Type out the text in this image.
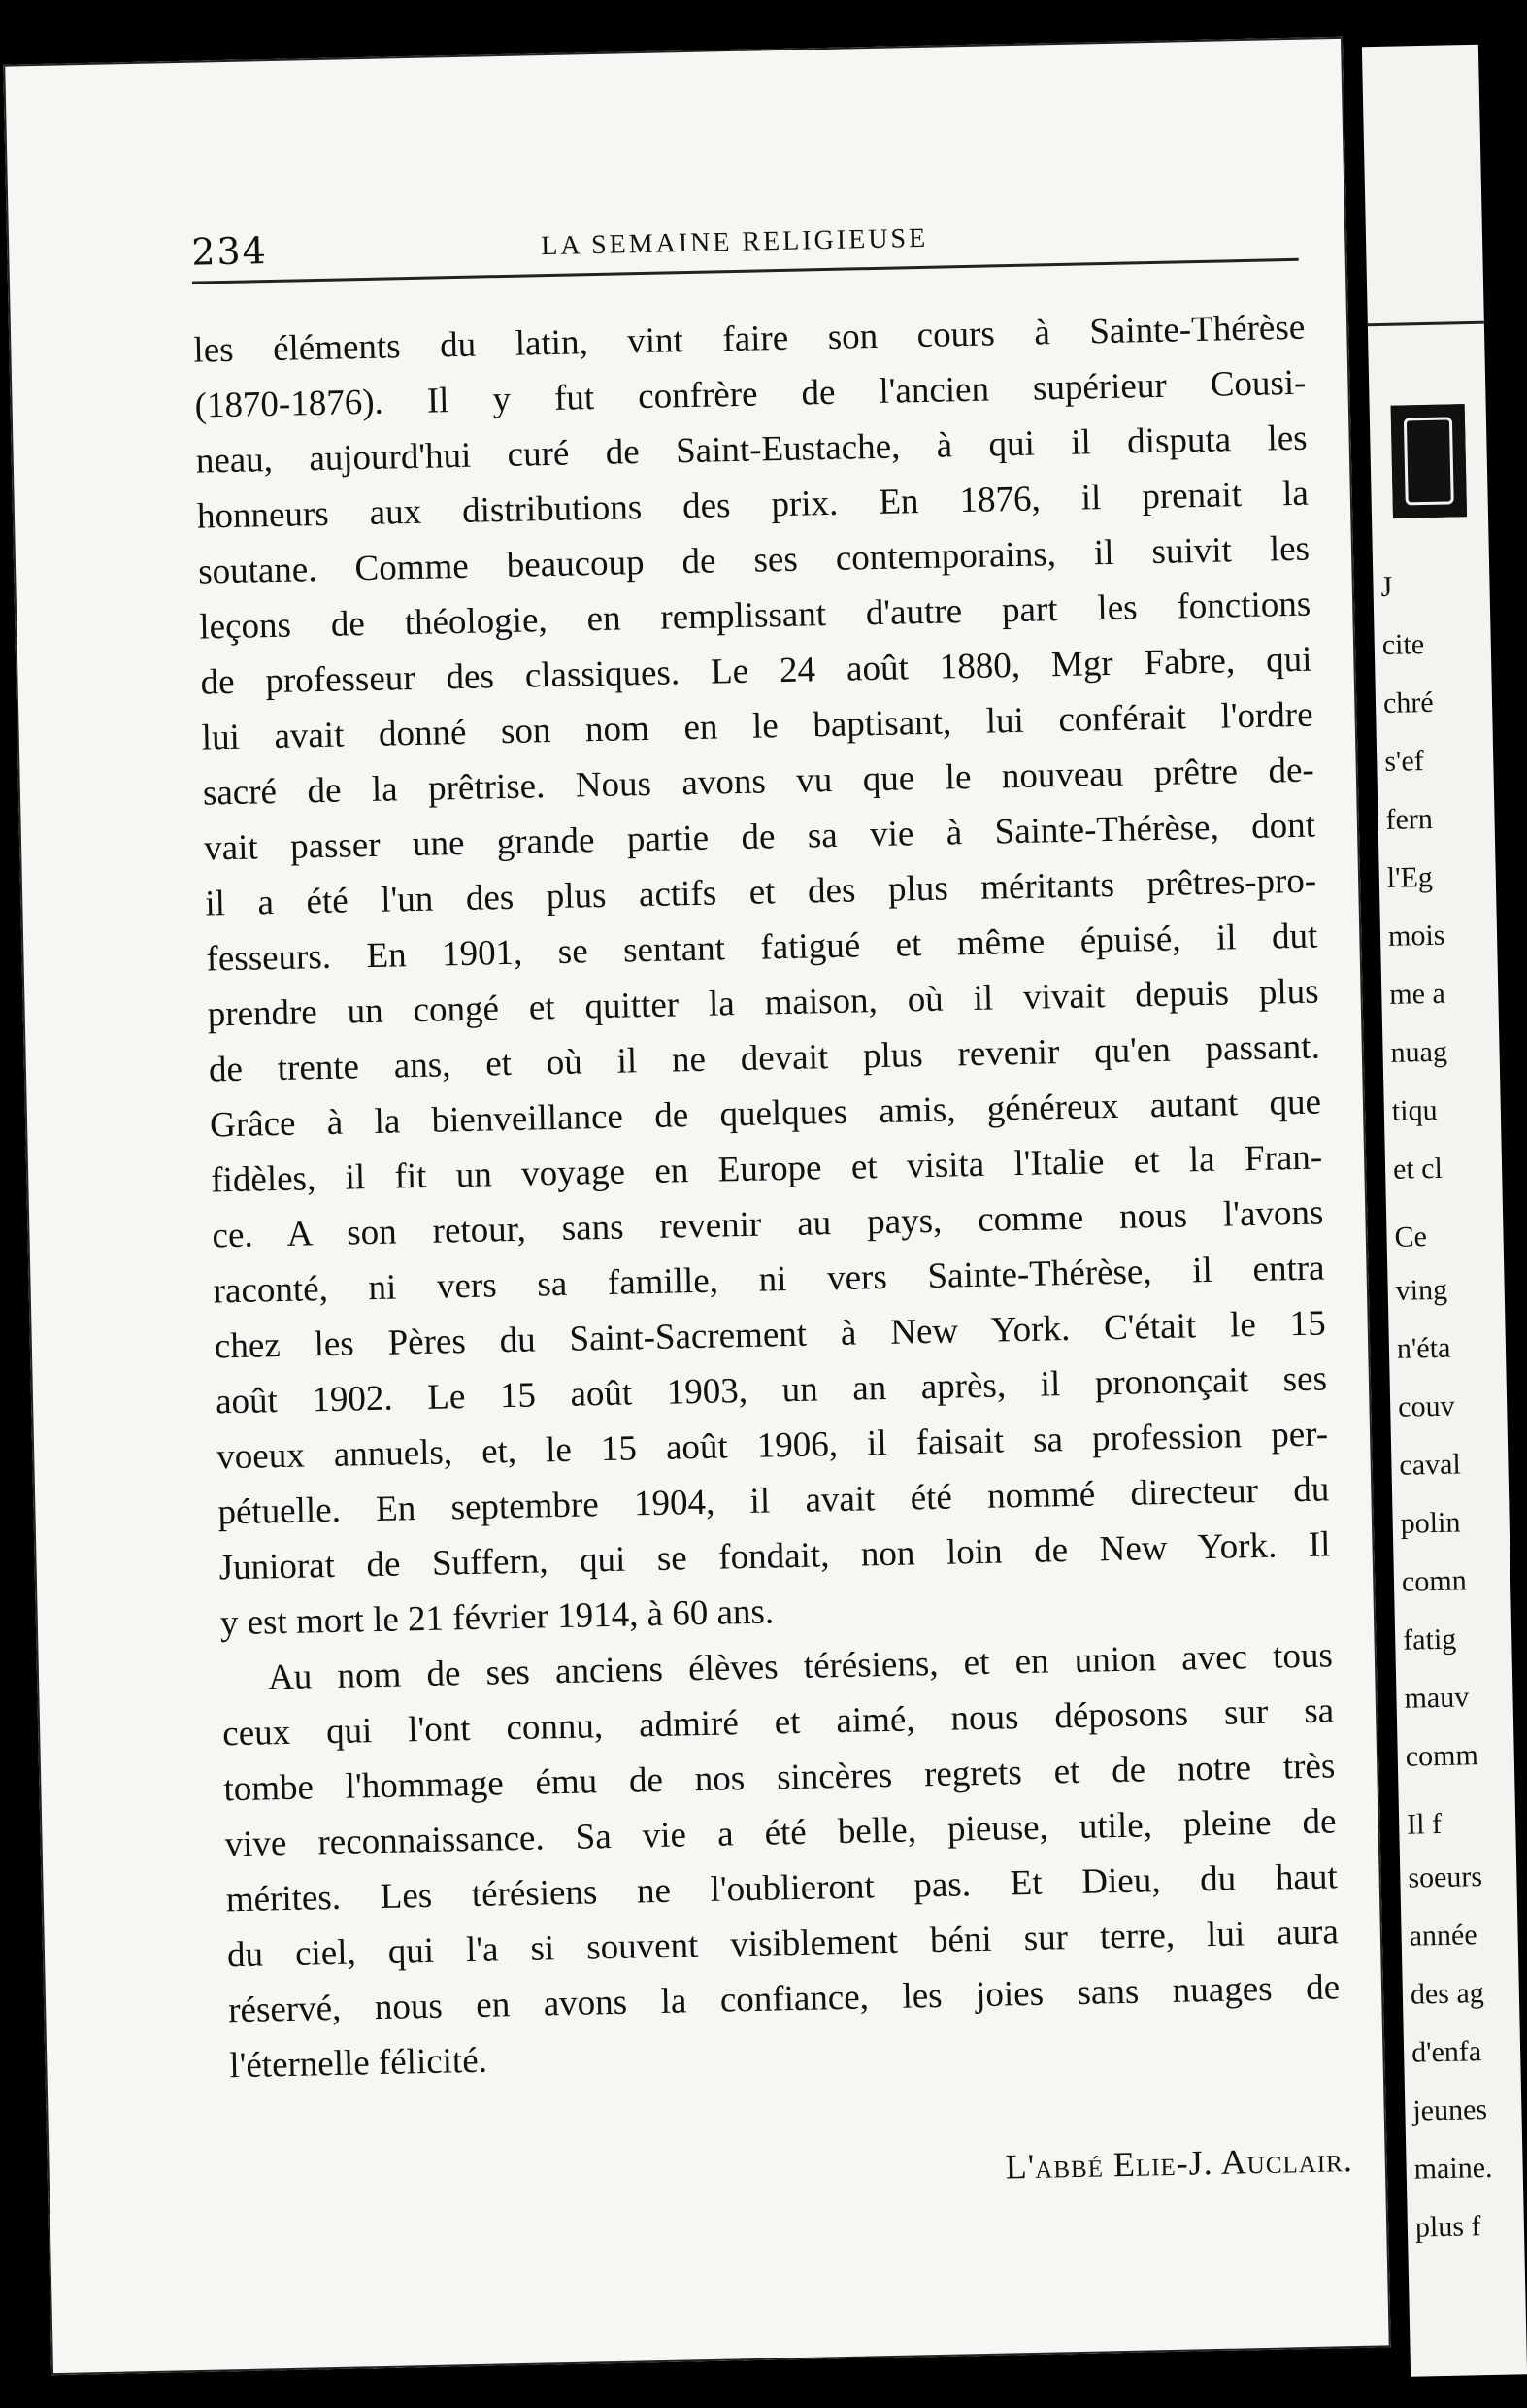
J

cite

chré

s'ef

fern

l'Eg

mois

me a

nuag

tiqu

et cl

Ce

ving

n'éta

couv

caval

polin

comn

fatig

mauv

comm

Il f

soeurs

année

des ag

d'enfa

jeunes

maine.

plus f

234	LA SEMAINE RELIGIEUSE
les éléments du latin, vint faire son cours à Sainte-Thérèse
(1870-1876). Il y fut confrère de l'ancien supérieur Cousi-
neau, aujourd'hui curé de Saint-Eustache, à qui il disputa les
honneurs aux distributions des prix. En 1876, il prenait la
soutane. Comme beaucoup de ses contemporains, il suivit les
leçons de théologie, en remplissant d'autre part les fonctions
de professeur des classiques. Le 24 août 1880, Mgr Fabre, qui
lui avait donné son nom en le baptisant, lui conférait l'ordre
sacré de la prêtrise. Nous avons vu que le nouveau prêtre de-
vait passer une grande partie de sa vie à Sainte-Thérèse, dont
il a été l'un des plus actifs et des plus méritants prêtres-pro-
fesseurs. En 1901, se sentant fatigué et même épuisé, il dut
prendre un congé et quitter la maison, où il vivait depuis plus
de trente ans, et où il ne devait plus revenir qu'en passant.
Grâce à la bienveillance de quelques amis, généreux autant que
fidèles, il fit un voyage en Europe et visita l'Italie et la Fran-
ce. A son retour, sans revenir au pays, comme nous l'avons
raconté, ni vers sa famille, ni vers Sainte-Thérèse, il entra
chez les Pères du Saint-Sacrement à New York. C'était le 15
août 1902. Le 15 août 1903, un an après, il prononçait ses
voeux annuels, et, le 15 août 1906, il faisait sa profession per-
pétuelle. En septembre 1904, il avait été nommé directeur du
Juniorat de Suffern, qui se fondait, non loin de New York. Il
y est mort le 21 février 1914, à 60 ans.
Au nom de ses anciens élèves térésiens, et en union avec tous
ceux qui l'ont connu, admiré et aimé, nous déposons sur sa
tombe l'hommage ému de nos sincères regrets et de notre très
vive reconnaissance. Sa vie a été belle, pieuse, utile, pleine de
mérites. Les térésiens ne l'oublieront pas. Et Dieu, du haut
du ciel, qui l'a si souvent visiblement béni sur terre, lui aura
réservé, nous en avons la confiance, les joies sans nuages de
l'éternelle félicité.
L'abbé Elie-J. Auclair.
